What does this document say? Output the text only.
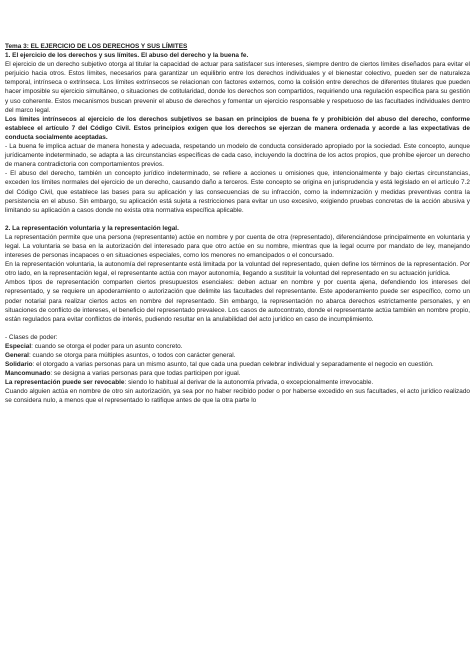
Tema 3: EL EJERCICIO DE LOS DERECHOS Y SUS LÍMITES

1. El ejercicio de los derechos y sus límites. El abuso del derecho y la buena fe.

El ejercicio de un derecho subjetivo otorga al titular la capacidad de actuar para satisfacer sus intereses, siempre dentro de ciertos límites diseñados para evitar el perjuicio hacia otros. Estos límites, necesarios para garantizar un equilibrio entre los derechos individuales y el bienestar colectivo, pueden ser de naturaleza temporal, intrínseca o extrínseca. Los límites extrínsecos se relacionan con factores externos, como la colisión entre derechos de diferentes titulares que pueden hacer imposible su ejercicio simultáneo, o situaciones de cotitularidad, donde los derechos son compartidos, requiriendo una regulación específica para su gestión y uso coherente. Estos mecanismos buscan prevenir el abuso de derechos y fomentar un ejercicio responsable y respetuoso de las facultades individuales dentro del marco legal.

Los límites intrínsecos al ejercicio de los derechos subjetivos se basan en principios de buena fe y prohibición del abuso del derecho, conforme establece el artículo 7 del Código Civil. Estos principios exigen que los derechos se ejerzan de manera ordenada y acorde a las expectativas de conducta socialmente aceptadas.

- La buena fe implica actuar de manera honesta y adecuada, respetando un modelo de conducta considerado apropiado por la sociedad. Este concepto, aunque jurídicamente indeterminado, se adapta a las circunstancias específicas de cada caso, incluyendo la doctrina de los actos propios, que prohíbe ejercer un derecho de manera contradictoria con comportamientos previos.

- El abuso del derecho, también un concepto jurídico indeterminado, se refiere a acciones u omisiones que, intencionalmente y bajo ciertas circunstancias, exceden los límites normales del ejercicio de un derecho, causando daño a terceros. Este concepto se origina en jurisprudencia y está legislado en el artículo 7.2 del Código Civil, que establece las bases para su aplicación y las consecuencias de su infracción, como la indemnización y medidas preventivas contra la persistencia en el abuso. Sin embargo, su aplicación está sujeta a restricciones para evitar un uso excesivo, exigiendo pruebas concretas de la acción abusiva y limitando su aplicación a casos donde no exista otra normativa específica aplicable.

2. La representación voluntaria y la representación legal.

La representación permite que una persona (representante) actúe en nombre y por cuenta de otra (representado), diferenciándose principalmente en voluntaria y legal. La voluntaria se basa en la autorización del interesado para que otro actúe en su nombre, mientras que la legal ocurre por mandato de ley, manejando intereses de personas incapaces o en situaciones especiales, como los menores no emancipados o el concursado.

En la representación voluntaria, la autonomía del representante está limitada por la voluntad del representado, quien define los términos de la representación. Por otro lado, en la representación legal, el representante actúa con mayor autonomía, llegando a sustituir la voluntad del representado en su actuación jurídica.

Ambos tipos de representación comparten ciertos presupuestos esenciales: deben actuar en nombre y por cuenta ajena, defendiendo los intereses del representado, y se requiere un apoderamiento o autorización que delimite las facultades del representante. Este apoderamiento puede ser específico, como un poder notarial para realizar ciertos actos en nombre del representado. Sin embargo, la representación no abarca derechos estrictamente personales, y en situaciones de conflicto de intereses, el beneficio del representado prevalece. Los casos de autocontrato, donde el representante actúa también en nombre propio, están regulados para evitar conflictos de interés, pudiendo resultar en la anulabilidad del acto jurídico en caso de incumplimiento.

- Clases de poder:

Especial: cuando se otorga el poder para un asunto concreto.

General: cuando se otorga para múltiples asuntos, o todos con carácter general.

Solidario: el otorgado a varias personas para un mismo asunto, tal que cada una puedan celebrar individual y separadamente el negocio en cuestión.

Mancomunado: se designa a varias personas para que todas participen por igual.

La representación puede ser revocable: siendo lo habitual al derivar de la autonomía privada, o excepcionalmente irrevocable.

Cuando alguien actúa en nombre de otro sin autorización, ya sea por no haber recibido poder o por haberse excedido en sus facultades, el acto jurídico realizado se considera nulo, a menos que el representado lo ratifique antes de que la otra parte lo
